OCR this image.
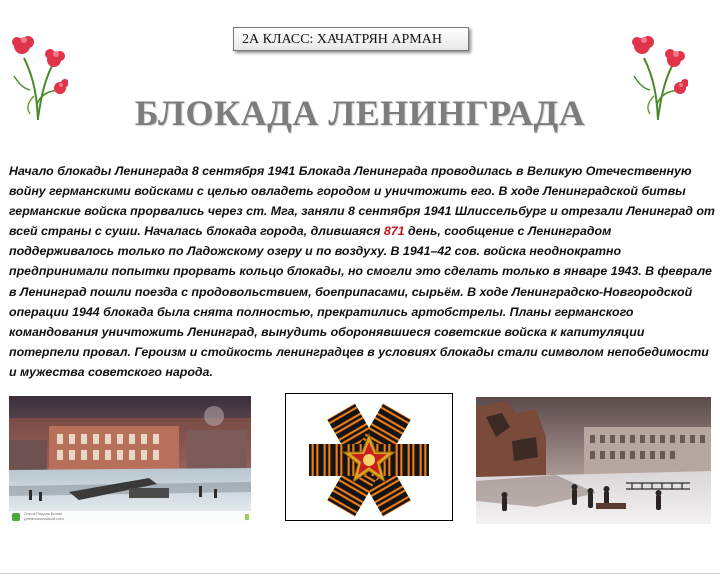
2А КЛАСС: ХАЧАТРЯН АРМАН
БЛОКАДА ЛЕНИНГРАДА

Начало блокады Ленинграда 8 сентября 1941 Блокада Ленинграда проводилась в Великую Отечественную войну германскими войсками с целью овладеть городом и уничтожить его. В ходе Ленинградской битвы германские войска прорвались через ст. Мга, заняли 8 сентября 1941 Шлиссельбург и отрезали Ленинград от всей страны с суши. Началась блокада города, длившаяся 871 день, сообщение с Ленинградом поддерживалось только по Ладожскому озеру и по воздуху. В 1941–42 сов. войска неоднократно предпринимали попытки прорвать кольцо блокады, но смогли это сделать только в январе 1943. В феврале в Ленинград пошли поезда с продовольствием, боеприпасами, сырьём. В ходе Ленинградско-Новгородской операции 1944 блокада была снята полностью, прекратились артобстрелы. Планы германского командования уничтожить Ленинград, вынудить оборонявшиеся советские войска к капитуляции потерпели провал. Героизм и стойкость ленинградцев в условиях блокады стали символом непобедимости и мужества советского народа.

Ольга Ридолк Билан
Дневниеонайкой.com
